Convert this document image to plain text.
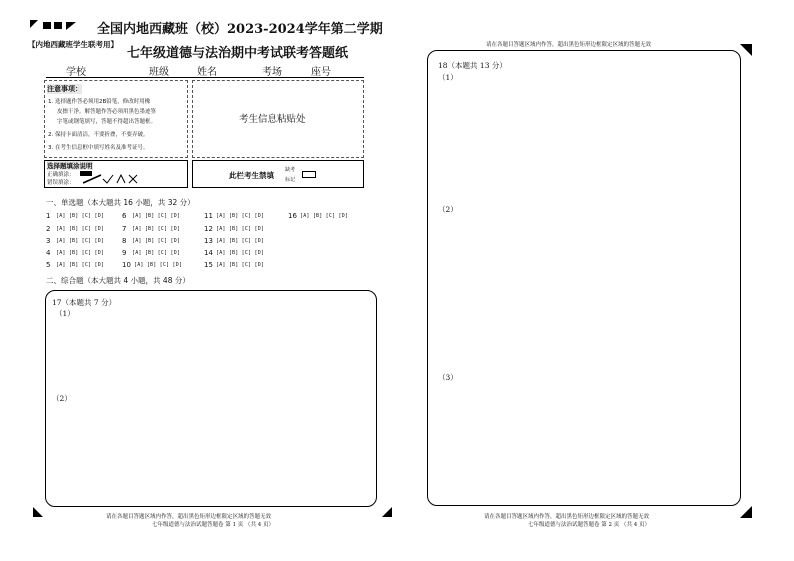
全国内地西藏班（校）2023-2024学年第二学期
【内地西藏班学生联考用】
七年级道德与法治期中考试联考答题纸
学校	班级	姓名	考场	座号
注意事项：
1. 选择题作答必须用2B铅笔，修改时用橡
皮擦干净。解答题作答必须用黑色墨迹签
字笔或钢笔填写，答题不得超出答题框。
2. 保持卡面清洁，不要折叠，不要弄破。
3. 在考生信息框中填写姓名及准考证号。
考生信息粘贴处
选择题填涂说明
正确填涂：
错误填涂：
此栏考生禁填
缺考
标记
一、单选题（本大题共 16 小题，共 32 分）
1 [A] [B] [C] [D]
2 [A] [B] [C] [D]
3 [A] [B] [C] [D]
4 [A] [B] [C] [D]
5 [A] [B] [C] [D]
6 [A] [B] [C] [D]
7 [A] [B] [C] [D]
8 [A] [B] [C] [D]
9 [A] [B] [C] [D]
10 [A] [B] [C] [D]
11 [A] [B] [C] [D]
12 [A] [B] [C] [D]
13 [A] [B] [C] [D]
14 [A] [B] [C] [D]
15 [A] [B] [C] [D]
16 [A] [B] [C] [D]
二、综合题（本大题共 4 小题，共 48 分）
17（本题共 7 分）
（1）
（2）
请在各题目答题区域内作答，超出黑色矩形边框限定区域的答题无效
七年级道德与法治试题答题卷 第 1 页 （共 4 页）
请在各题目答题区域内作答，超出黑色矩形边框限定区域的答题无效
18（本题共 13 分）
（1）
（2）
（3）
请在各题目答题区域内作答，超出黑色矩形边框限定区域的答题无效
七年级道德与法治试题答题卷 第 2 页 （共 4 页）
